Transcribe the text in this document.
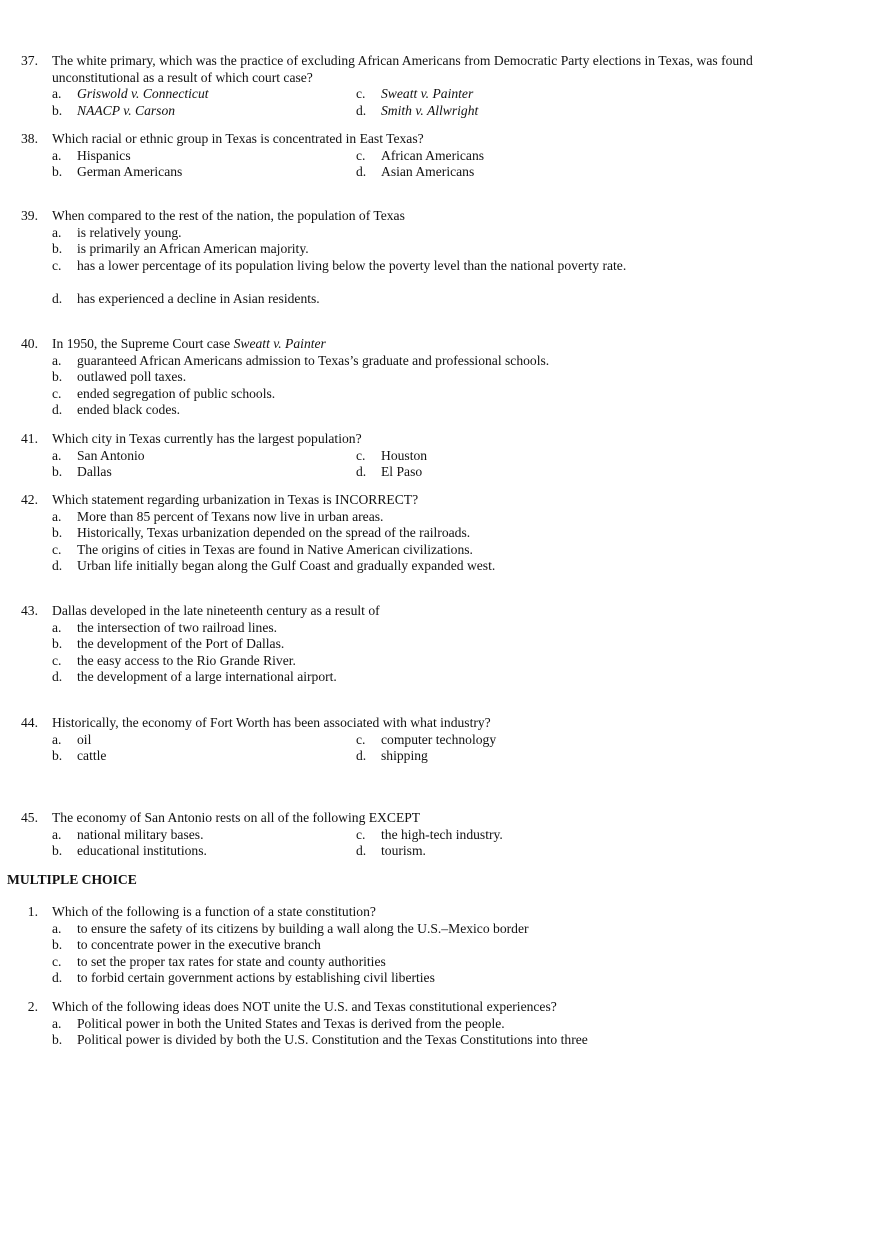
37. The white primary, which was the practice of excluding African Americans from Democratic Party elections in Texas, was found
unconstitutional as a result of which court case?
a.	Griswold v. Connecticut	c.	Sweatt v. Painter
b.	NAACP v. Carson	d.	Smith v. Allwright
38. Which racial or ethnic group in Texas is concentrated in East Texas?
a.	Hispanics	c.	African Americans
b.	German Americans	d.	Asian Americans
39. When compared to the rest of the nation, the population of Texas
a.	is relatively young.
b.	is primarily an African American majority.
c.	has a lower percentage of its population living below the poverty level than the national poverty rate.
d.	has experienced a decline in Asian residents.
40. In 1950, the Supreme Court case Sweatt v. Painter
a.	guaranteed African Americans admission to Texas’s graduate and professional schools.
b.	outlawed poll taxes.
c.	ended segregation of public schools.
d.	ended black codes.
41. Which city in Texas currently has the largest population?
a.	San Antonio	c.	Houston
b.	Dallas	d.	El Paso
42. Which statement regarding urbanization in Texas is INCORRECT?
a.	More than 85 percent of Texans now live in urban areas.
b.	Historically, Texas urbanization depended on the spread of the railroads.
c.	The origins of cities in Texas are found in Native American civilizations.
d.	Urban life initially began along the Gulf Coast and gradually expanded west.
43. Dallas developed in the late nineteenth century as a result of
a.	the intersection of two railroad lines.
b.	the development of the Port of Dallas.
c.	the easy access to the Rio Grande River.
d.	the development of a large international airport.
44. Historically, the economy of Fort Worth has been associated with what industry?
a.	oil	c.	computer technology
b.	cattle	d.	shipping
45. The economy of San Antonio rests on all of the following EXCEPT
a.	national military bases.	c.	the high-tech industry.
b.	educational institutions.	d.	tourism.
MULTIPLE CHOICE
1. Which of the following is a function of a state constitution?
a.	to ensure the safety of its citizens by building a wall along the U.S.–Mexico border
b.	to concentrate power in the executive branch
c.	to set the proper tax rates for state and county authorities
d.	to forbid certain government actions by establishing civil liberties
2. Which of the following ideas does NOT unite the U.S. and Texas constitutional experiences?
a.	Political power in both the United States and Texas is derived from the people.
b.	Political power is divided by both the U.S. Constitution and the Texas Constitutions into three
